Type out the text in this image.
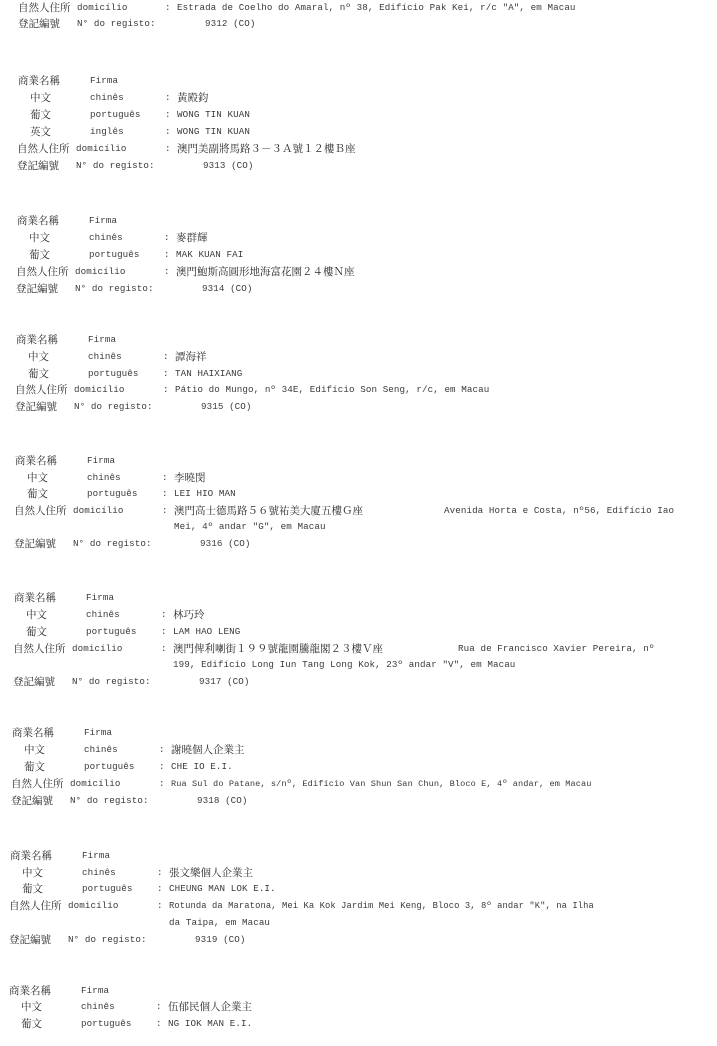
自然人住所 domicílio	: Estrada de Coelho do Amaral, nº 38, Edifício Pak Kei, r/c "A", em Macau
登記編號 N° do registo:	9312 (CO)
商業名稱	Firma
中文	chinês	: 黃殿鈞
葡文	português	: WONG TIN KUAN
英文	inglês	: WONG TIN KUAN
自然人住所 domicílio	: 澳門美副將馬路３－３Ａ號１２樓Ｂ座
登記編號 N° do registo:	9313 (CO)
商業名稱	Firma
中文	chinês	: 麥群輝
葡文	português	: MAK KUAN FAI
自然人住所 domicílio	: 澳門鮑斯高圓形地海富花園２４樓Ｎ座
登記編號 N° do registo:	9314 (CO)
商業名稱	Firma
中文	chinês	: 譚海祥
葡文	português	: TAN HAIXIANG
自然人住所 domicílio	: Pátio do Mungo, nº 34E, Edifício Son Seng, r/c, em Macau
登記編號 N° do registo:	9315 (CO)
商業名稱	Firma
中文	chinês	: 李曉閔
葡文	português	: LEI HIO MAN
自然人住所 domicílio	: 澳門高士德馬路５６號祐美大廈五樓Ｇ座	Avenida Horta e Costa, nº56, Edifício Iao
Mei, 4º andar "G", em Macau
登記編號 N° do registo:	9316 (CO)
商業名稱	Firma
中文	chinês	: 林巧玲
葡文	português	: LAM HAO LENG
自然人住所 domicílio	: 澳門俾利喇街１９９號龍園騰龍閣２３樓Ｖ座	Rua de Francisco Xavier Pereira, nº
199, Edifício Long Iun Tang Long Kok, 23º andar "V", em Macau
登記編號 N° do registo:	9317 (CO)
商業名稱	Firma
中文	chinês	: 謝曉個人企業主
葡文	português	: CHE IO E.I.
自然人住所 domicílio	: Rua Sul do Patane, s/nº, Edifício Van Shun San Chun, Bloco E, 4º andar, em Macau
登記編號 N° do registo:	9318 (CO)
商業名稱	Firma
中文	chinês	: 張文樂個人企業主
葡文	português	: CHEUNG MAN LOK E.I.
自然人住所 domicílio	: Rotunda da Maratona, Mei Ka Kok Jardim Mei Keng, Bloco 3, 8º andar "K", na Ilha
da Taipa, em Macau
登記編號 N° do registo:	9319 (CO)
商業名稱	Firma
中文	chinês	: 伍郁民個人企業主
葡文	português	: NG IOK MAN E.I.
